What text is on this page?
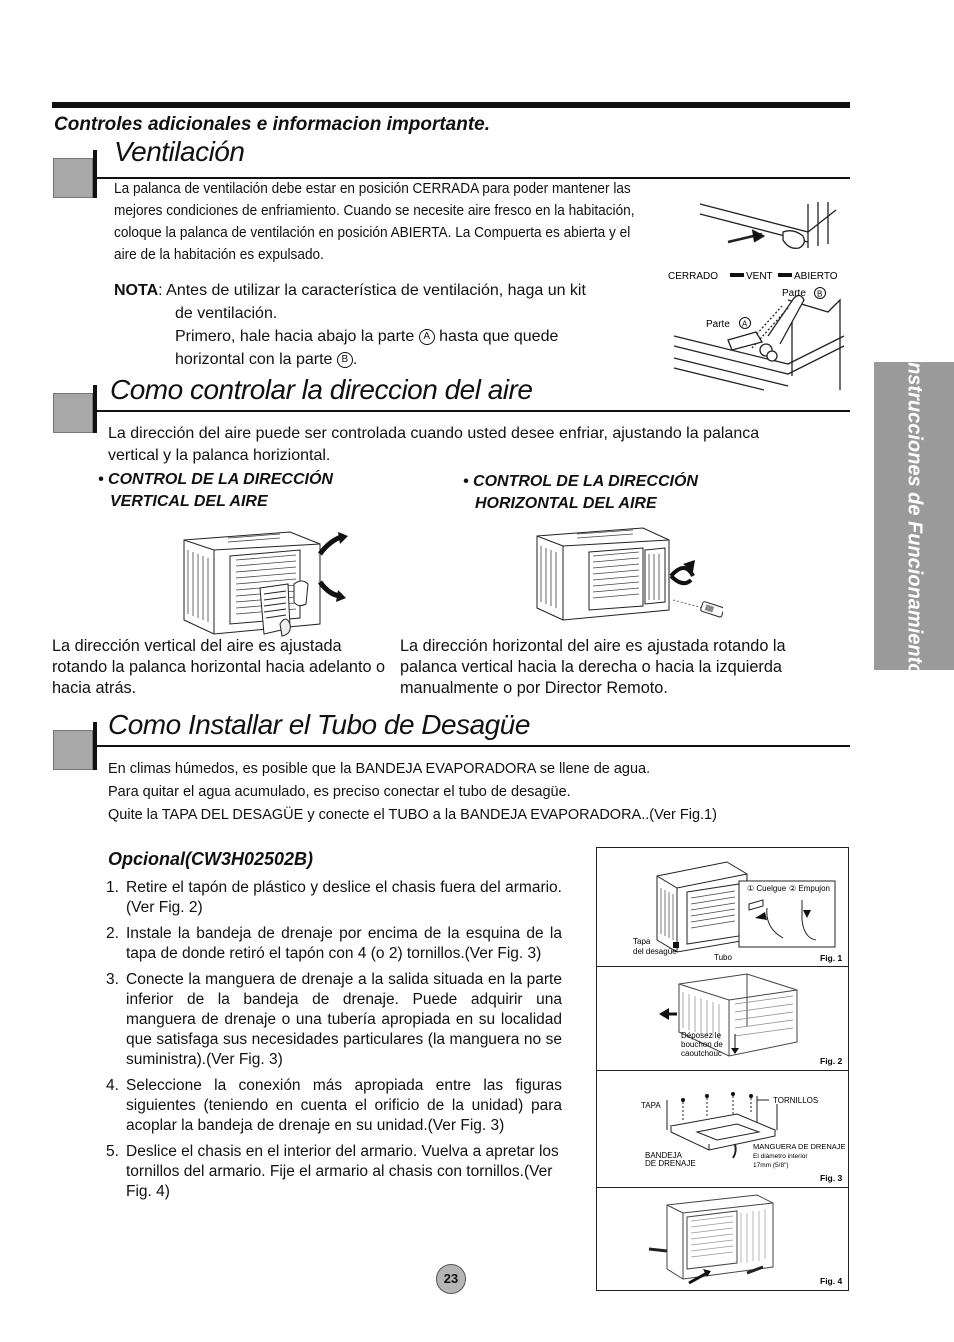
Controles adicionales e informacion importante.
Instrucciones de Funcionamiento
Ventilación
La palanca de ventilación debe estar en posición CERRADA para poder mantener las mejores condiciones de enfriamiento. Cuando se necesite aire fresco en la habitación, coloque la palanca de ventilación en posición ABIERTA. La Compuerta es abierta y el aire de la habitación es expulsado.
NOTA: Antes de utilizar la característica de ventilación, haga un kit
de ventilación.
Primero, hale hacia abajo la parte A hasta que quede
horizontal con la parte B .
CERRADO	VENT ABIERTO
Parte B
Parte A
Como controlar la direccion del aire
La dirección del aire puede ser controlada cuando usted desee enfriar, ajustando la palanca vertical y la palanca horiziontal.
• CONTROL DE LA DIRECCIÓN
VERTICAL DEL AIRE
• CONTROL DE LA DIRECCIÓN
HORIZONTAL DEL AIRE
La dirección vertical del aire es ajustada rotando la palanca horizontal hacia adelanto o hacia atrás.
La dirección horizontal del aire es ajustada rotando la palanca vertical hacia la derecha o hacia la izquierda manualmente o por Director Remoto.
Como Installar el Tubo de Desagüe
En climas húmedos, es posible que la BANDEJA EVAPORADORA se llene de agua.
Para quitar el agua acumulado, es preciso conectar el tubo de desagüe.
Quite la TAPA DEL DESAGÜE y conecte el TUBO a la BANDEJA EVAPORADORA..(Ver Fig.1)
Opcional(CW3H02502B)
1. Retire el tapón de plástico y deslice el chasis fuera del armario. (Ver Fig. 2)
2. Instale la bandeja de drenaje por encima de la esquina de la tapa de donde retiró el tapón con 4 (o 2) tornillos.(Ver Fig. 3)
3. Conecte la manguera de drenaje a la salida situada en la parte inferior de la bandeja de drenaje. Puede adquirir una manguera de drenaje o una tubería apropiada en su localidad que satisfaga sus necesidades particulares (la manguera no se suministra).(Ver Fig. 3)
4. Seleccione la conexión más apropiada entre las figuras siguientes (teniendo en cuenta el orificio de la unidad) para acoplar la bandeja de drenaje en su unidad.(Ver Fig. 3)
5. Deslice el chasis en el interior del armario. Vuelva a apretar los tornillos del armario. Fije el armario al chasis con tornillos.(Ver Fig. 4)
Tapa
del desagüe
Tubo
① Cuelgue ② Empujon
Fig. 1
Déposez le
bouchon de
caoutchouc
Fig. 2
TAPA
TORNILLOS
BANDEJA
DE DRENAJE
MANGUERA DE DRENAJE
El diámetro interior
17mm (5/8")
Fig. 3
Fig. 4
23
